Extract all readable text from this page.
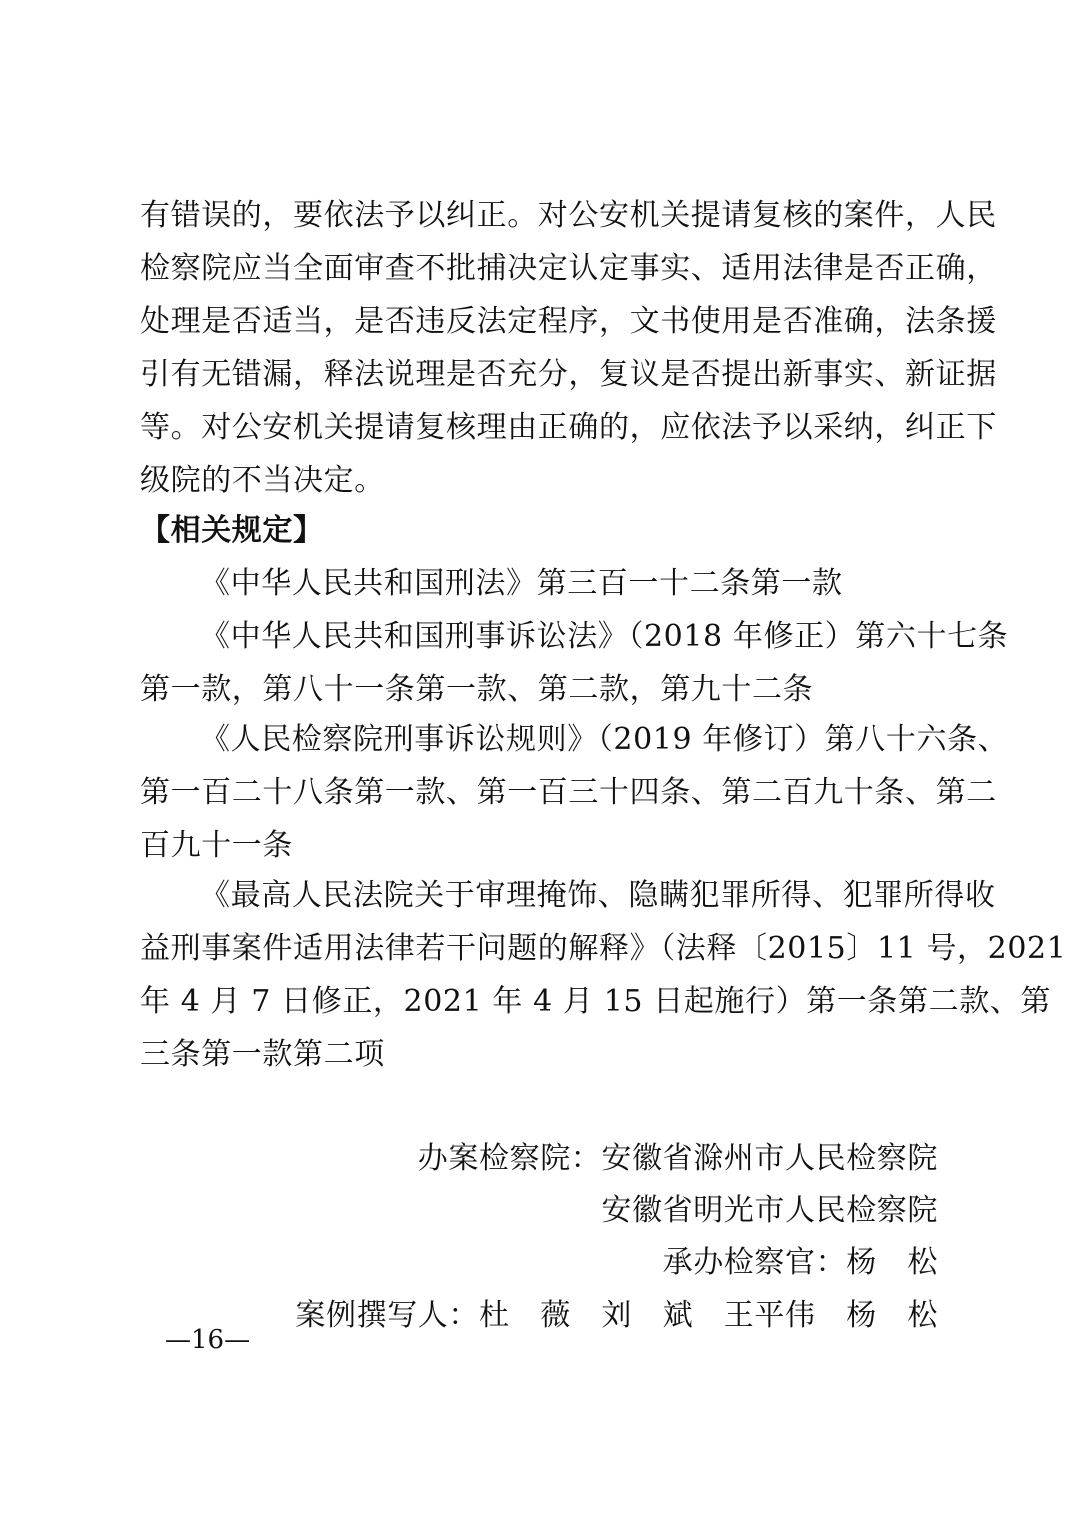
有错误的，要依法予以纠正。对公安机关提请复核的案件，人民
检察院应当全面审查不批捕决定认定事实、适用法律是否正确，
处理是否适当，是否违反法定程序，文书使用是否准确，法条援
引有无错漏，释法说理是否充分，复议是否提出新事实、新证据
等。对公安机关提请复核理由正确的，应依法予以采纳，纠正下
级院的不当决定。
【相关规定】
《中华人民共和国刑法》第三百一十二条第一款
《中华人民共和国刑事诉讼法》（2018 年修正）第六十七条
第一款，第八十一条第一款、第二款，第九十二条
《人民检察院刑事诉讼规则》（2019 年修订）第八十六条、
第一百二十八条第一款、第一百三十四条、第二百九十条、第二
百九十一条
《最高人民法院关于审理掩饰、隐瞒犯罪所得、犯罪所得收
益刑事案件适用法律若干问题的解释》（法释〔2015〕11 号，2021
年 4 月 7 日修正，2021 年 4 月 15 日起施行）第一条第二款、第
三条第一款第二项
办案检察院：安徽省滁州市人民检察院
安徽省明光市人民检察院
承办检察官：杨　松
案例撰写人：杜　薇　刘　斌　王平伟　杨　松
—16—
